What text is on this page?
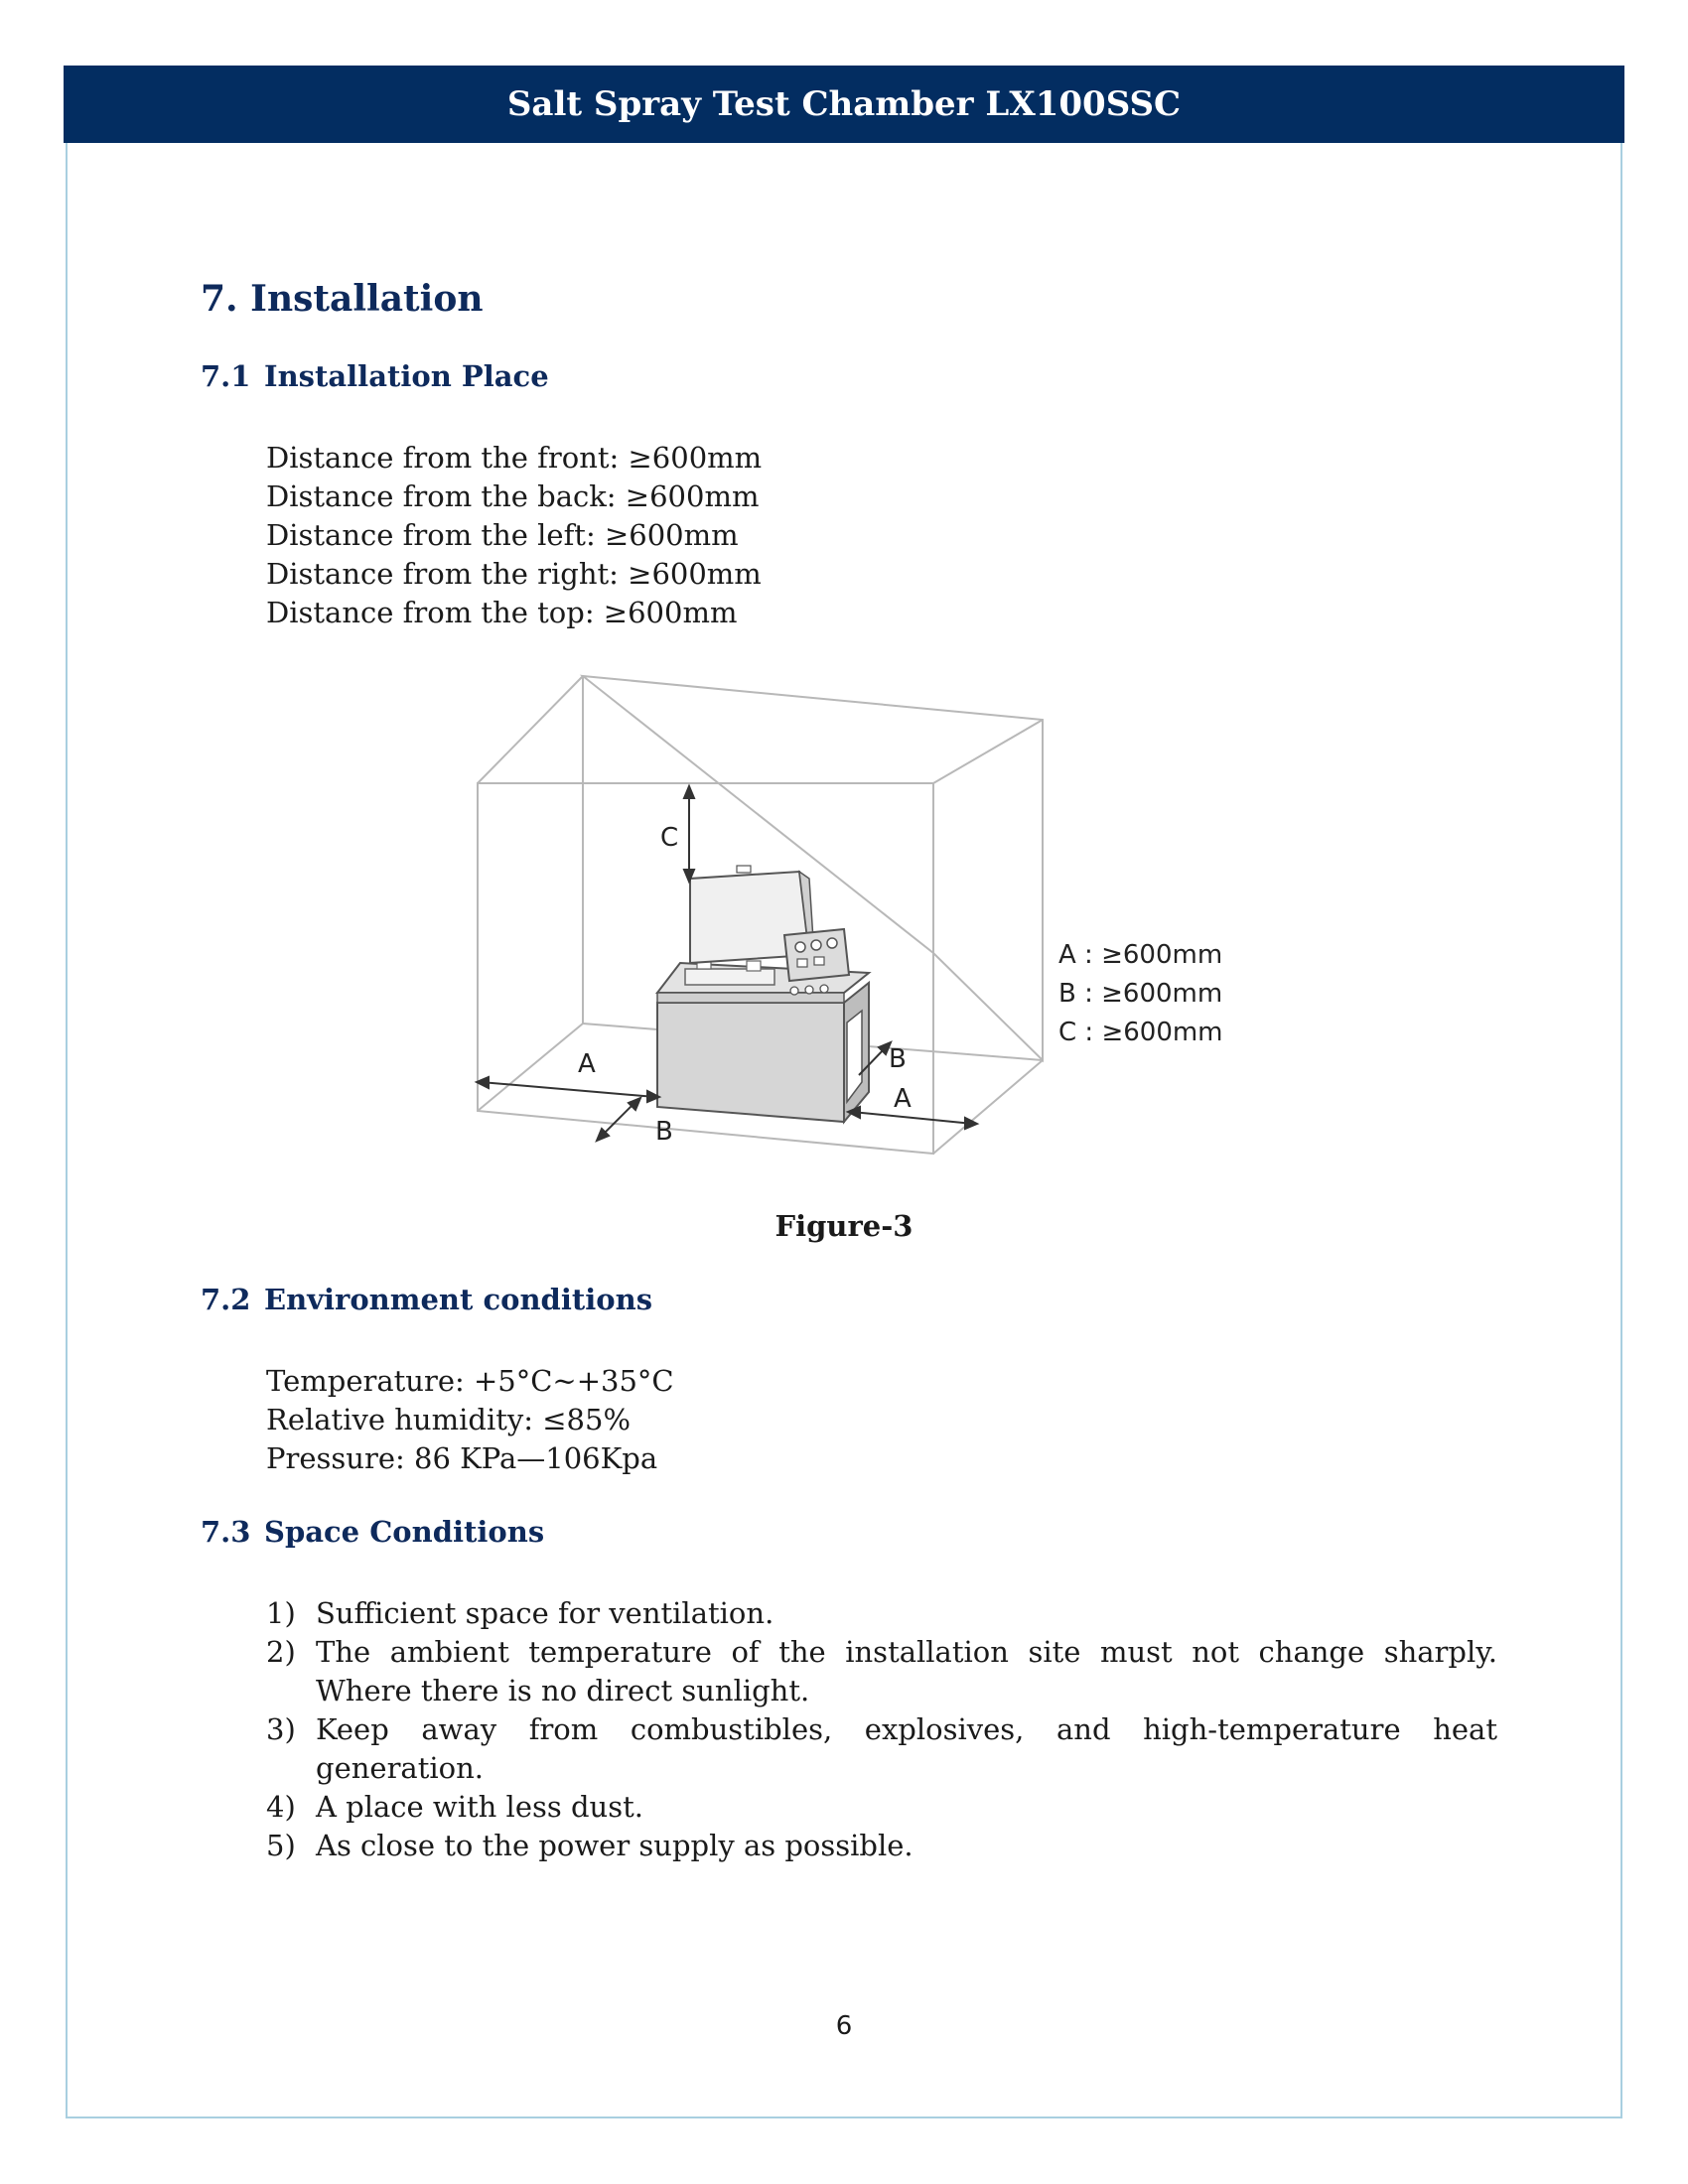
Salt Spray Test Chamber LX100SSC
7. Installation
7.1 Installation Place
Distance from the front: ≥600mm
Distance from the back: ≥600mm
Distance from the left: ≥600mm
Distance from the right: ≥600mm
Distance from the top: ≥600mm
C
A
B
B
A
A : ≥600mm
B : ≥600mm
C : ≥600mm
Figure-3
7.2 Environment conditions
Temperature: +5°C~+35°C
Relative humidity: ≤85%
Pressure: 86 KPa—106Kpa
7.3 Space Conditions
1) Sufficient space for ventilation.
2) The ambient temperature of the installation site must not change sharply. Where there is no direct sunlight.
3) Keep away from combustibles, explosives, and high-temperature heat generation.
4) A place with less dust.
5) As close to the power supply as possible.
6
